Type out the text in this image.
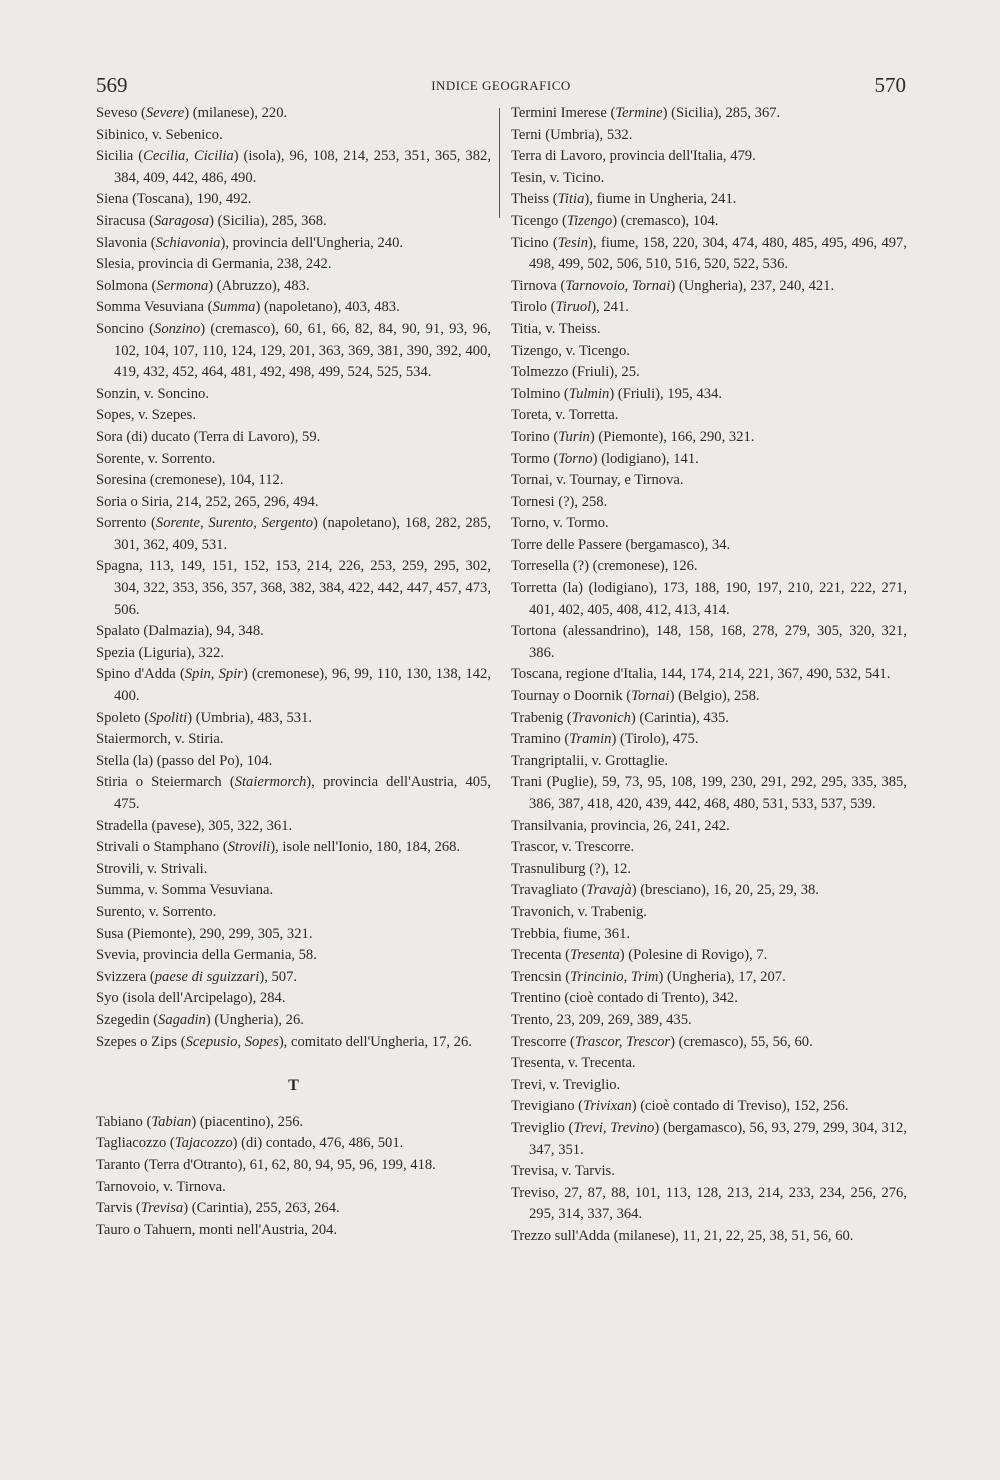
569	INDICE GEOGRAFICO	570

Seveso (Severe) (milanese), 220.

Sibinico, v. Sebenico.

Sicilia (Cecilia, Cicilia) (isola), 96, 108, 214, 253, 351, 365, 382, 384, 409, 442, 486, 490.

Siena (Toscana), 190, 492.

Siracusa (Saragosa) (Sicilia), 285, 368.

Slavonia (Schiavonia), provincia dell'Ungheria, 240.

Slesia, provincia di Germania, 238, 242.

Solmona (Sermona) (Abruzzo), 483.

Somma Vesuviana (Summa) (napoletano), 403, 483.

Soncino (Sonzino) (cremasco), 60, 61, 66, 82, 84, 90, 91, 93, 96, 102, 104, 107, 110, 124, 129, 201, 363, 369, 381, 390, 392, 400, 419, 432, 452, 464, 481, 492, 498, 499, 524, 525, 534.

Sonzin, v. Soncino.

Sopes, v. Szepes.

Sora (di) ducato (Terra di Lavoro), 59.

Sorente, v. Sorrento.

Soresina (cremonese), 104, 112.

Soria o Siria, 214, 252, 265, 296, 494.

Sorrento (Sorente, Surento, Sergento) (napoletano), 168, 282, 285, 301, 362, 409, 531.

Spagna, 113, 149, 151, 152, 153, 214, 226, 253, 259, 295, 302, 304, 322, 353, 356, 357, 368, 382, 384, 422, 442, 447, 457, 473, 506.

Spalato (Dalmazia), 94, 348.

Spezia (Liguria), 322.

Spino d'Adda (Spin, Spir) (cremonese), 96, 99, 110, 130, 138, 142, 400.

Spoleto (Spoliti) (Umbria), 483, 531.

Staiermorch, v. Stiria.

Stella (la) (passo del Po), 104.

Stiria o Steiermarch (Staiermorch), provincia dell'Austria, 405, 475.

Stradella (pavese), 305, 322, 361.

Strivali o Stamphano (Strovili), isole nell'Ionio, 180, 184, 268.

Strovili, v. Strivali.

Summa, v. Somma Vesuviana.

Surento, v. Sorrento.

Susa (Piemonte), 290, 299, 305, 321.

Svevia, provincia della Germania, 58.

Svizzera (paese di sguizzari), 507.

Syo (isola dell'Arcipelago), 284.

Szegedin (Sagadin) (Ungheria), 26.

Szepes o Zips (Scepusio, Sopes), comitato dell'Ungheria, 17, 26.

T

Tabiano (Tabian) (piacentino), 256.

Tagliacozzo (Tajacozzo) (di) contado, 476, 486, 501.

Taranto (Terra d'Otranto), 61, 62, 80, 94, 95, 96, 199, 418.

Tarnovoio, v. Tirnova.

Tarvis (Trevisa) (Carintia), 255, 263, 264.

Tauro o Tahuern, monti nell'Austria, 204.

Termini Imerese (Termine) (Sicilia), 285, 367.

Terni (Umbria), 532.

Terra di Lavoro, provincia dell'Italia, 479.

Tesin, v. Ticino.

Theiss (Titia), fiume in Ungheria, 241.

Ticengo (Tizengo) (cremasco), 104.

Ticino (Tesin), fiume, 158, 220, 304, 474, 480, 485, 495, 496, 497, 498, 499, 502, 506, 510, 516, 520, 522, 536.

Tirnova (Tarnovoio, Tornai) (Ungheria), 237, 240, 421.

Tirolo (Tiruol), 241.

Titia, v. Theiss.

Tizengo, v. Ticengo.

Tolmezzo (Friuli), 25.

Tolmino (Tulmin) (Friuli), 195, 434.

Toreta, v. Torretta.

Torino (Turin) (Piemonte), 166, 290, 321.

Tormo (Torno) (lodigiano), 141.

Tornai, v. Tournay, e Tirnova.

Tornesi (?), 258.

Torno, v. Tormo.

Torre delle Passere (bergamasco), 34.

Torresella (?) (cremonese), 126.

Torretta (la) (lodigiano), 173, 188, 190, 197, 210, 221, 222, 271, 401, 402, 405, 408, 412, 413, 414.

Tortona (alessandrino), 148, 158, 168, 278, 279, 305, 320, 321, 386.

Toscana, regione d'Italia, 144, 174, 214, 221, 367, 490, 532, 541.

Tournay o Doornik (Tornai) (Belgio), 258.

Trabenig (Travonich) (Carintia), 435.

Tramino (Tramin) (Tirolo), 475.

Trangriptalii, v. Grottaglie.

Trani (Puglie), 59, 73, 95, 108, 199, 230, 291, 292, 295, 335, 385, 386, 387, 418, 420, 439, 442, 468, 480, 531, 533, 537, 539.

Transilvania, provincia, 26, 241, 242.

Trascor, v. Trescorre.

Trasnuliburg (?), 12.

Travagliato (Travajà) (bresciano), 16, 20, 25, 29, 38.

Travonich, v. Trabenig.

Trebbia, fiume, 361.

Trecenta (Tresenta) (Polesine di Rovigo), 7.

Trencsin (Trincinio, Trim) (Ungheria), 17, 207.

Trentino (cioè contado di Trento), 342.

Trento, 23, 209, 269, 389, 435.

Trescorre (Trascor, Trescor) (cremasco), 55, 56, 60.

Tresenta, v. Trecenta.

Trevi, v. Treviglio.

Trevigiano (Trivixan) (cioè contado di Treviso), 152, 256.

Treviglio (Trevi, Trevino) (bergamasco), 56, 93, 279, 299, 304, 312, 347, 351.

Trevisa, v. Tarvis.

Treviso, 27, 87, 88, 101, 113, 128, 213, 214, 233, 234, 256, 276, 295, 314, 337, 364.

Trezzo sull'Adda (milanese), 11, 21, 22, 25, 38, 51, 56, 60.
